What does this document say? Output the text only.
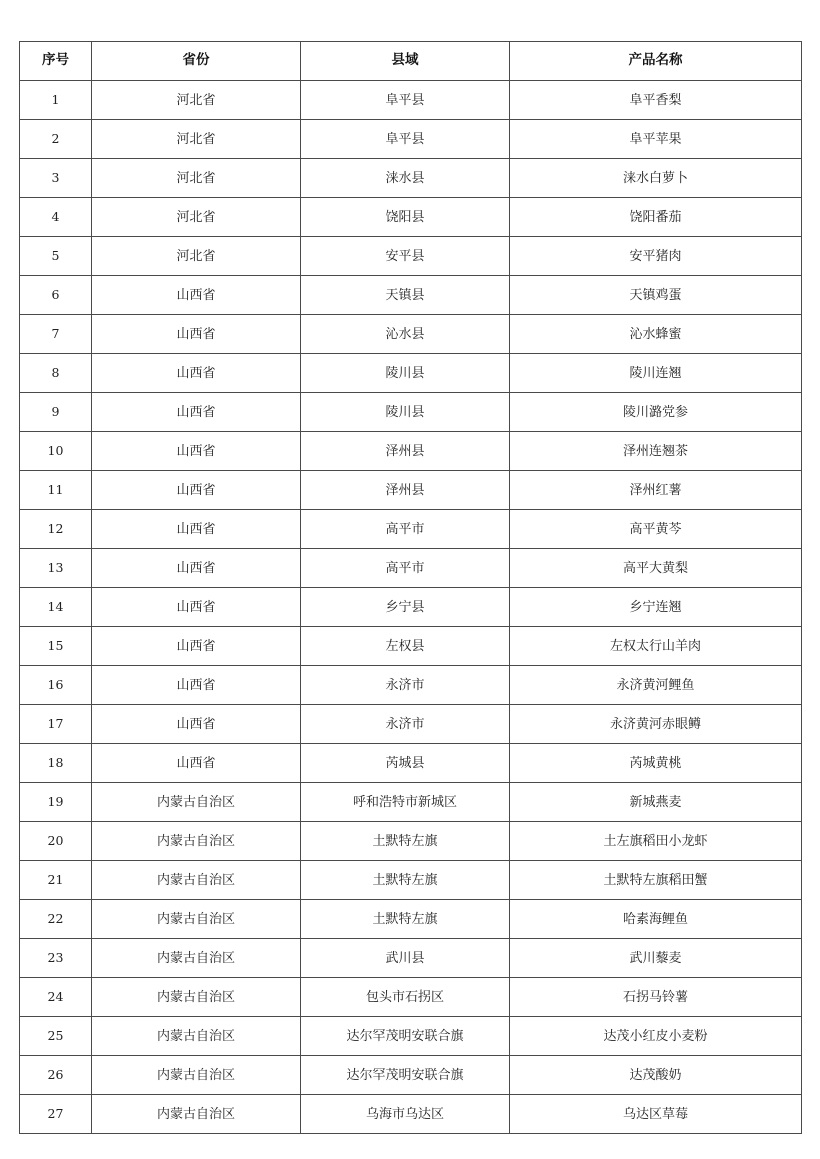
序号	省份	县域	产品名称
1	河北省	阜平县	阜平香梨
2	河北省	阜平县	阜平苹果
3	河北省	涞水县	涞水白萝卜
4	河北省	饶阳县	饶阳番茄
5	河北省	安平县	安平猪肉
6	山西省	天镇县	天镇鸡蛋
7	山西省	沁水县	沁水蜂蜜
8	山西省	陵川县	陵川连翘
9	山西省	陵川县	陵川潞党参
10	山西省	泽州县	泽州连翘茶
11	山西省	泽州县	泽州红薯
12	山西省	高平市	高平黄芩
13	山西省	高平市	高平大黄梨
14	山西省	乡宁县	乡宁连翘
15	山西省	左权县	左权太行山羊肉
16	山西省	永济市	永济黄河鲤鱼
17	山西省	永济市	永济黄河赤眼鳟
18	山西省	芮城县	芮城黄桃
19	内蒙古自治区	呼和浩特市新城区	新城燕麦
20	内蒙古自治区	土默特左旗	土左旗稻田小龙虾
21	内蒙古自治区	土默特左旗	土默特左旗稻田蟹
22	内蒙古自治区	土默特左旗	哈素海鲤鱼
23	内蒙古自治区	武川县	武川藜麦
24	内蒙古自治区	包头市石拐区	石拐马铃薯
25	内蒙古自治区	达尔罕茂明安联合旗	达茂小红皮小麦粉
26	内蒙古自治区	达尔罕茂明安联合旗	达茂酸奶
27	内蒙古自治区	乌海市乌达区	乌达区草莓
